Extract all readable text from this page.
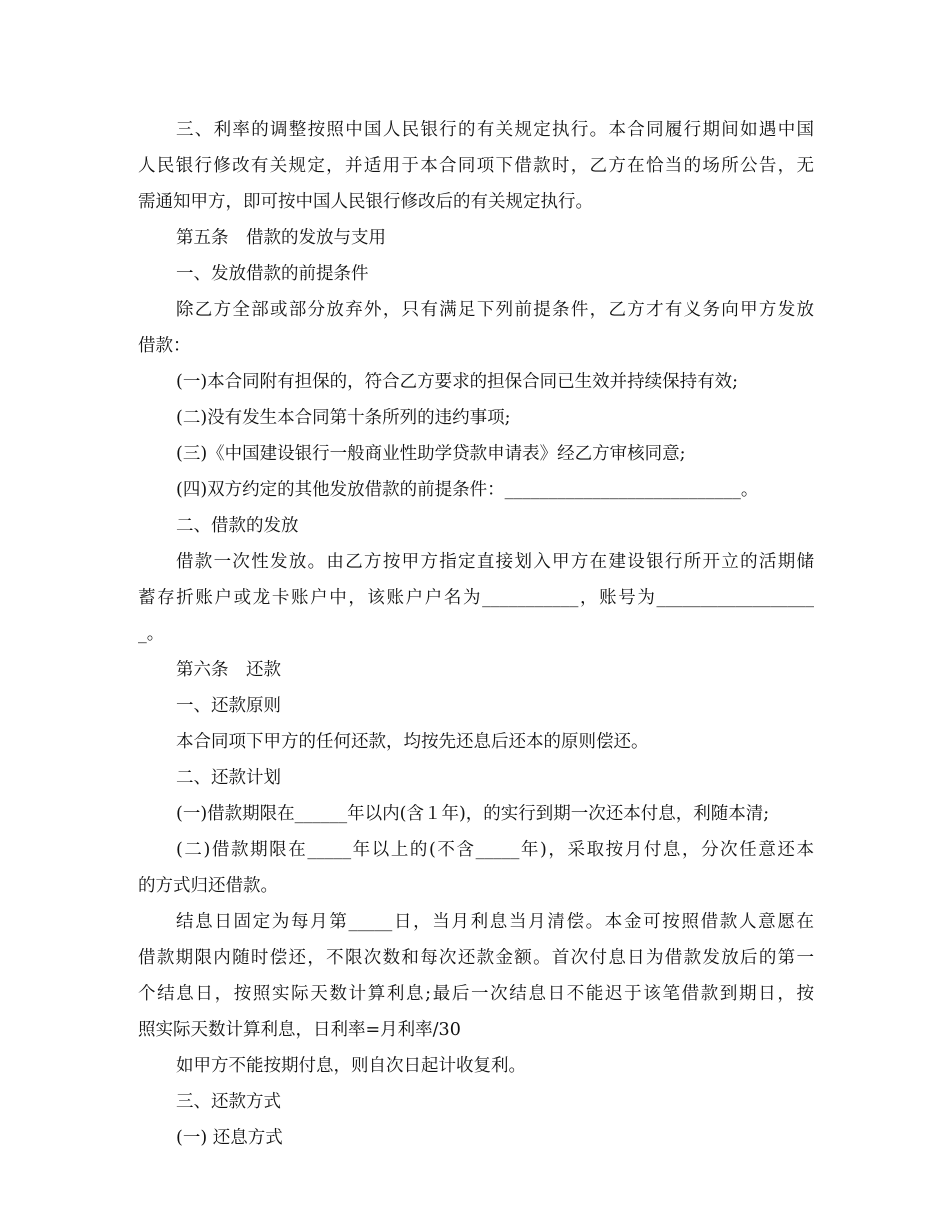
三、利率的调整按照中国人民银行的有关规定执行。本合同履行期间如遇中国
人民银行修改有关规定，并适用于本合同项下借款时，乙方在恰当的场所公告，无
需通知甲方，即可按中国人民银行修改后的有关规定执行。
第五条　借款的发放与支用
一、发放借款的前提条件
除乙方全部或部分放弃外，只有满足下列前提条件，乙方才有义务向甲方发放
借款：
(一)本合同附有担保的，符合乙方要求的担保合同已生效并持续保持有效;
(二)没有发生本合同第十条所列的违约事项;
(三)《中国建设银行一般商业性助学贷款申请表》经乙方审核同意;
(四)双方约定的其他发放借款的前提条件：___________________________。
二、借款的发放
借款一次性发放。由乙方按甲方指定直接划入甲方在建设银行所开立的活期储
蓄存折账户或龙卡账户中，该账户户名为___________，账号为__________________
_。
第六条　还款
一、还款原则
本合同项下甲方的任何还款，均按先还息后还本的原则偿还。
二、还款计划
(一)借款期限在______年以内(含１年)，的实行到期一次还本付息，利随本清;
(二)借款期限在_____年以上的(不含_____年)，采取按月付息，分次任意还本
的方式归还借款。
结息日固定为每月第_____日，当月利息当月清偿。本金可按照借款人意愿在
借款期限内随时偿还，不限次数和每次还款金额。首次付息日为借款发放后的第一
个结息日，按照实际天数计算利息;最后一次结息日不能迟于该笔借款到期日，按
照实际天数计算利息，日利率=月利率/30
如甲方不能按期付息，则自次日起计收复利。
三、还款方式
(一) 还息方式
